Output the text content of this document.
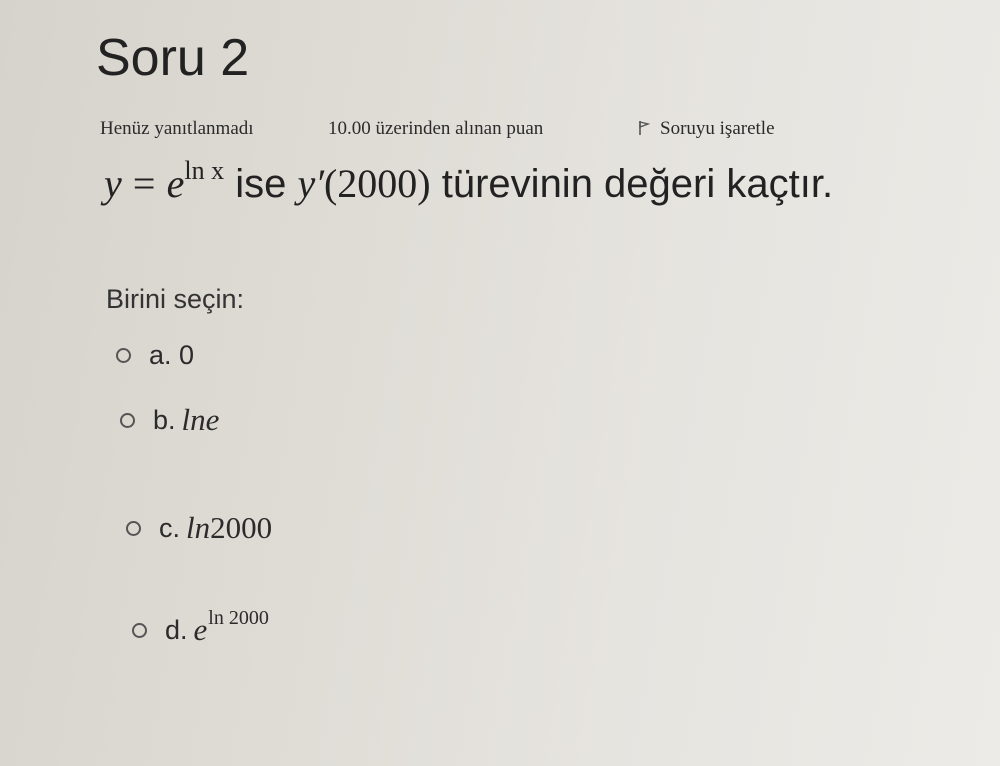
Soru 2
Henüz yanıtlanmadı	10.00 üzerinden alınan puan	Soruyu işaretle
$y = e^{ln x}$ ise y′(2000) türevinin değeri kaçtır.
Birini seçin:
a.
0
b. lne
c. ln2000
d. e ln 2000
